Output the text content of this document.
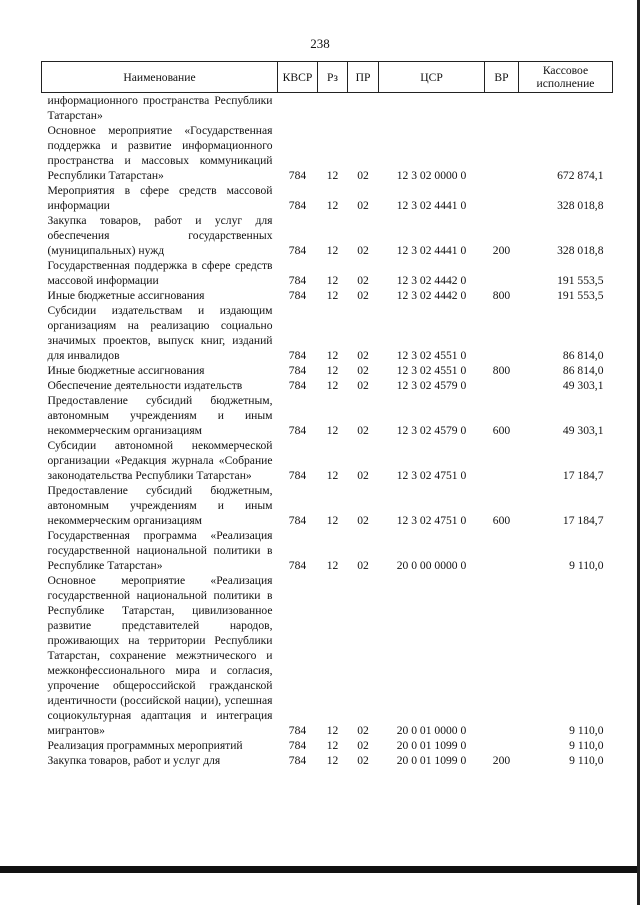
238
Наименование	КВСР	Рз	ПР	ЦСР	ВР	Кассовое исполнение
информационного пространства Республики Татарстан»						
Основное мероприятие «Государственная поддержка и развитие информационного пространства и массовых коммуникаций Республики Татарстан»	784	12	02	12 3 02 0000 0		672 874,1
Мероприятия в сфере средств массовой информации	784	12	02	12 3 02 4441 0		328 018,8
Закупка товаров, работ и услуг для обеспечения государственных (муниципальных) нужд	784	12	02	12 3 02 4441 0	200	328 018,8
Государственная поддержка в сфере средств массовой информации	784	12	02	12 3 02 4442 0		191 553,5
Иные бюджетные ассигнования	784	12	02	12 3 02 4442 0	800	191 553,5
Субсидии издательствам и издающим организациям на реализацию социально значимых проектов, выпуск книг, изданий для инвалидов	784	12	02	12 3 02 4551 0		86 814,0
Иные бюджетные ассигнования	784	12	02	12 3 02 4551 0	800	86 814,0
Обеспечение деятельности издательств	784	12	02	12 3 02 4579 0		49 303,1
Предоставление субсидий бюджетным, автономным учреждениям и иным некоммерческим организациям	784	12	02	12 3 02 4579 0	600	49 303,1
Субсидии автономной некоммерческой организации «Редакция журнала «Собрание законодательства Республики Татарстан»	784	12	02	12 3 02 4751 0		17 184,7
Предоставление субсидий бюджетным, автономным учреждениям и иным некоммерческим организациям	784	12	02	12 3 02 4751 0	600	17 184,7
Государственная программа «Реализация государственной национальной политики в Республике Татарстан»	784	12	02	20 0 00 0000 0		9 110,0
Основное мероприятие «Реализация государственной национальной политики в Республике Татарстан, цивилизованное развитие представителей народов, проживающих на территории Республики Татарстан, сохранение межэтнического и межконфессионального мира и согласия, упрочение общероссийской гражданской идентичности (российской нации), успешная социокультурная адаптация и интеграция мигрантов»	784	12	02	20 0 01 0000 0		9 110,0
Реализация программных мероприятий	784	12	02	20 0 01 1099 0		9 110,0
Закупка товаров, работ и услуг для	784	12	02	20 0 01 1099 0	200	9 110,0
